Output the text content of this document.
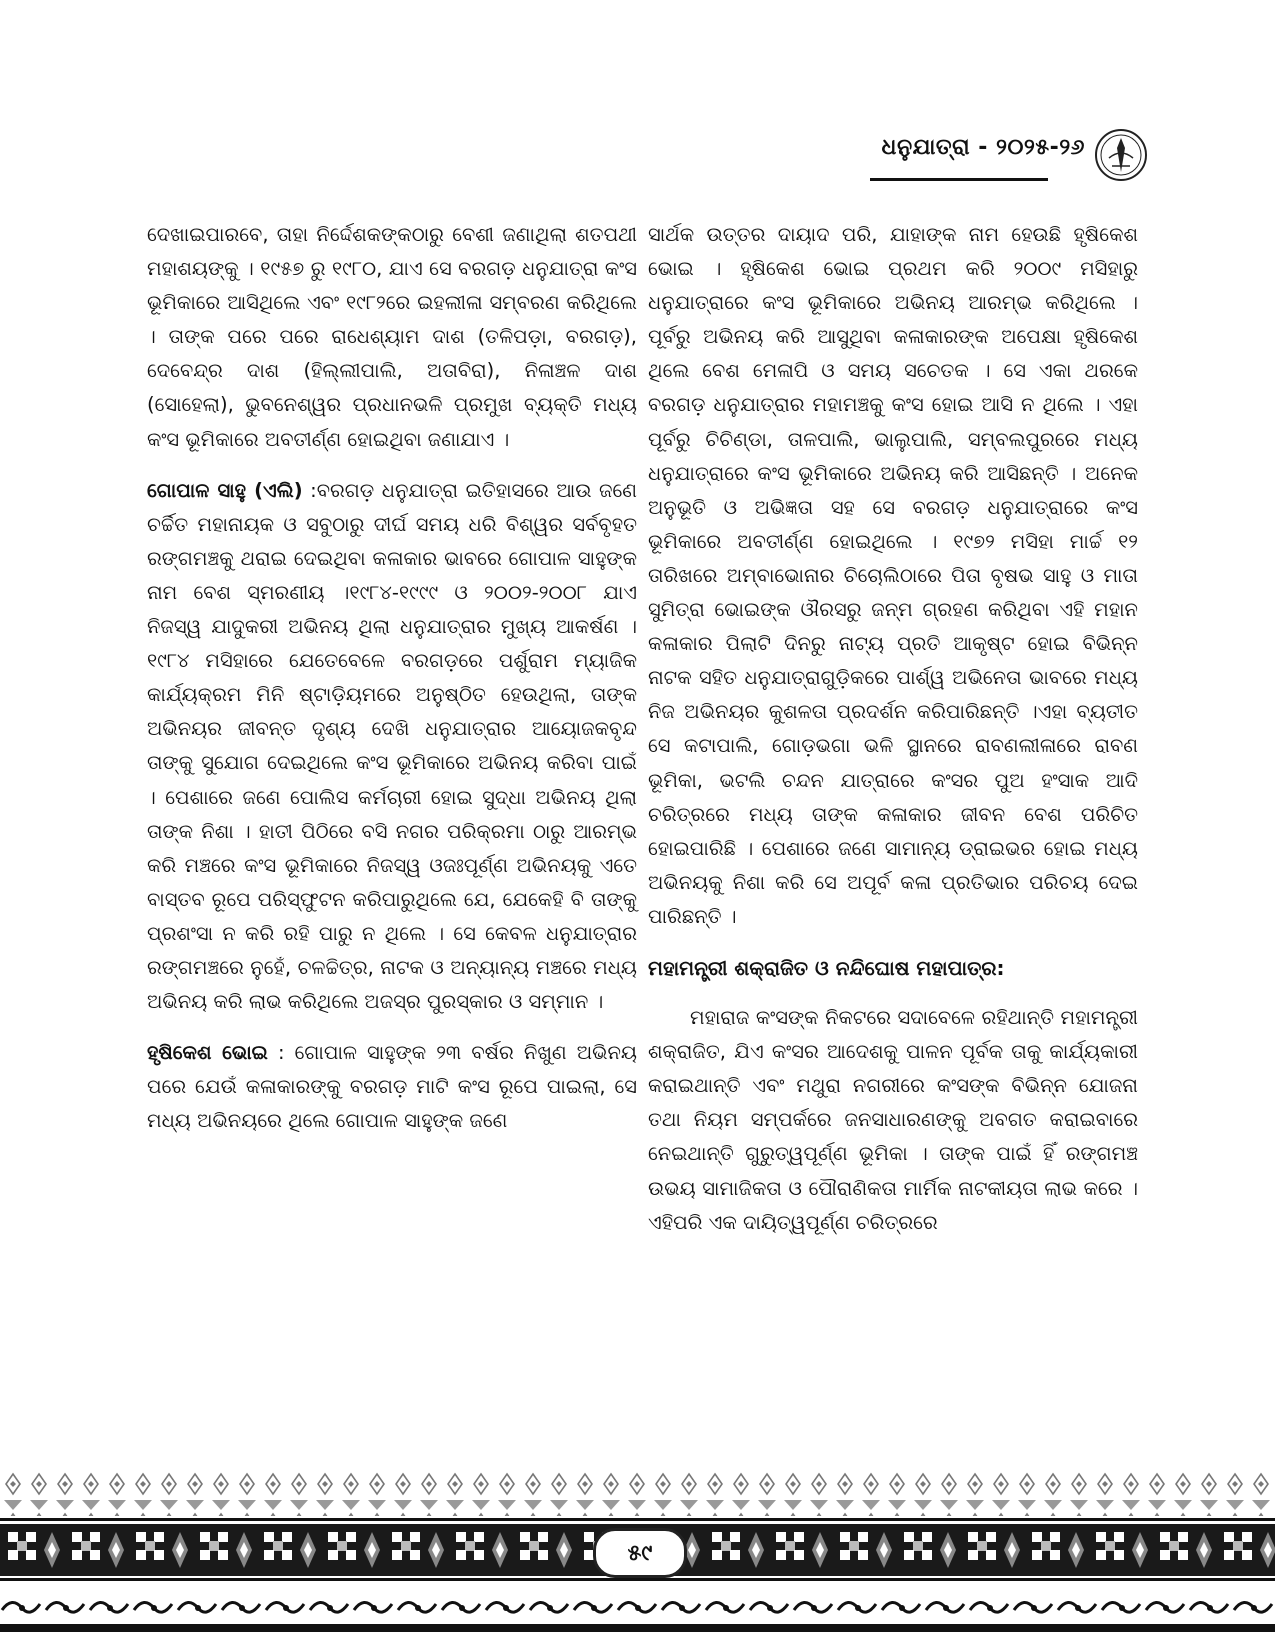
ଧନୁଯାତ୍ରା - ୨୦୨୫-୨୬

ଦେଖାଇପାରବେ, ତାହା ନିର୍ଦ୍ଦେଶକଙ୍କଠାରୁ ବେଶୀ ଜଣାଥିଲା ଶତପଥୀ ମହାଶୟଙ୍କୁ । ୧୯୫୭ ରୁ ୧୯୮୦, ଯାଏ ସେ ବରଗଡ଼ ଧନୁଯାତ୍ରା କଂସ ଭୂମିକାରେ ଆସିଥିଲେ ଏବଂ ୧୯୮୨ରେ ଇହଲୀଳା ସମ୍ବରଣ କରିଥିଲେ । ତାଙ୍କ ପରେ ପରେ ରାଧେଶ୍ୟାମ ଦାଶ (ତଳିପଡ଼ା, ବରଗଡ଼), ଦେବେନ୍ଦ୍ର ଦାଶ (ହିଲ୍ଲୀପାଲି, ଅତାବିରା), ନିଳାଞ୍ଚଳ ଦାଶ (ସୋହେଲା), ଭୁବନେଶ୍ୱର ପ୍ରଧାନଭଳି ପ୍ରମୁଖ ବ୍ୟକ୍ତି ମଧ୍ୟ କଂସ ଭୂମିକାରେ ଅବତୀର୍ଣ୍ଣ ହୋଇଥିବା ଜଣାଯାଏ ।

ଗୋପାଳ ସାହୁ (ଏଲି) :ବରଗଡ଼ ଧନୁଯାତ୍ରା ଇତିହାସରେ ଆଉ ଜଣେ ଚର୍ଚ୍ଚିତ ମହାନାୟକ ଓ ସବୁଠାରୁ ଦୀର୍ଘ ସମୟ ଧରି ବିଶ୍ୱର ସର୍ବବୃହତ ରଙ୍ଗମଞ୍ଚକୁ ଥରାଇ ଦେଇଥିବା କଳାକାର ଭାବରେ ଗୋପାଳ ସାହୁଙ୍କ ନାମ ବେଶ ସ୍ମରଣୀୟ ।୧୯୮୪-୧୯୯୯ ଓ ୨୦୦୨-୨୦୦୮ ଯାଏ ନିଜସ୍ୱ ଯାଦୁକରୀ ଅଭିନୟ ଥିଲା ଧନୁଯାତ୍ରାର ମୁଖ୍ୟ ଆକର୍ଷଣ । ୧୯୮୪ ମସିହାରେ ଯେତେବେଳେ ବରଗଡ଼ରେ ପର୍ଶୁରାମ ମ୍ୟାଜିକ କାର୍ଯ୍ୟକ୍ରମ ମିନି ଷ୍ଟାଡ଼ିୟମରେ ଅନୁଷ୍ଠିତ ହେଉଥିଲା, ତାଙ୍କ ଅଭିନୟର ଜୀବନ୍ତ ଦୃଶ୍ୟ ଦେଖି ଧନୁଯାତ୍ରାର ଆୟୋଜକବୃନ୍ଦ ତାଙ୍କୁ ସୁଯୋଗ ଦେଇଥିଲେ କଂସ ଭୂମିକାରେ ଅଭିନୟ କରିବା ପାଇଁ । ପେଶାରେ ଜଣେ ପୋଲିସ କର୍ମଚାରୀ ହୋଇ ସୁଦ୍ଧା ଅଭିନୟ ଥିଲା ତାଙ୍କ ନିଶା । ହାତୀ ପିଠିରେ ବସି ନଗର ପରିକ୍ରମା ଠାରୁ ଆରମ୍ଭ କରି ମଞ୍ଚରେ କଂସ ଭୂମିକାରେ ନିଜସ୍ୱ ଓଜଃପୂର୍ଣ୍ଣ ଅଭିନୟକୁ ଏତେ ବାସ୍ତବ ରୂପେ ପରିସ୍ଫୁଟନ କରିପାରୁଥିଲେ ଯେ, ଯେକେହି ବି ତାଙ୍କୁ ପ୍ରଶଂସା ନ କରି ରହି ପାରୁ ନ ଥିଲେ । ସେ କେବଳ ଧନୁଯାତ୍ରାର ରଙ୍ଗମଞ୍ଚରେ ନୁହେଁ, ଚଳଚ୍ଚିତ୍ର, ନାଟକ ଓ ଅନ୍ୟାନ୍ୟ ମଞ୍ଚରେ ମଧ୍ୟ ଅଭିନୟ କରି ଲାଭ କରିଥିଲେ ଅଜସ୍ର ପୁରସ୍କାର ଓ ସମ୍ମାନ ।

ହୃଷିକେଶ ଭୋଇ : ଗୋପାଳ ସାହୁଙ୍କ ୨୩ ବର୍ଷର ନିଖୁଣ ଅଭିନୟ ପରେ ଯେଉଁ କଳାକାରଙ୍କୁ ବରଗଡ଼ ମାଟି କଂସ ରୂପେ ପାଇଲା, ସେ ମଧ୍ୟ ଅଭିନୟରେ ଥିଲେ ଗୋପାଳ ସାହୁଙ୍କ ଜଣେ

ସାର୍ଥକ ଉତ୍ତର ଦାୟାଦ ପରି, ଯାହାଙ୍କ ନାମ ହେଉଛି ହୃଷିକେଶ ଭୋଇ । ହୃଷିକେଶ ଭୋଇ ପ୍ରଥମ କରି ୨୦୦୯ ମସିହାରୁ ଧନୁଯାତ୍ରାରେ କଂସ ଭୂମିକାରେ ଅଭିନୟ ଆରମ୍ଭ କରିଥିଲେ । ପୂର୍ବରୁ ଅଭିନୟ କରି ଆସୁଥିବା କଳାକାରଙ୍କ ଅପେକ୍ଷା ହୃଷିକେଶ ଥିଲେ ବେଶ ମେଳାପି ଓ ସମୟ ସଚେତକ । ସେ ଏକା ଥରକେ ବରଗଡ଼ ଧନୁଯାତ୍ରାର ମହାମଞ୍ଚକୁ କଂସ ହୋଇ ଆସି ନ ଥିଲେ । ଏହା ପୂର୍ବରୁ ଚିଚିଣ୍ଡା, ତାଳପାଲି, ଭାଲୁପାଲି, ସମ୍ବଲପୁରରେ ମଧ୍ୟ ଧନୁଯାତ୍ରାରେ କଂସ ଭୂମିକାରେ ଅଭିନୟ କରି ଆସିଛନ୍ତି । ଅନେକ ଅନୁଭୂତି ଓ ଅଭିଜ୍ଞତା ସହ ସେ ବରଗଡ଼ ଧନୁଯାତ୍ରାରେ କଂସ ଭୂମିକାରେ ଅବତୀର୍ଣ୍ଣ ହୋଇଥିଲେ । ୧୯୭୨ ମସିହା ମାର୍ଚ୍ଚ ୧୨ ତାରିଖରେ ଅମ୍ବାଭୋନାର ଚିଚୋଲିଠାରେ ପିତା ବୃଷଭ ସାହୁ ଓ ମାତା ସୁମିତ୍ରା ଭୋଇଙ୍କ ଔରସରୁ ଜନ୍ମ ଗ୍ରହଣ କରିଥିବା ଏହି ମହାନ କଳାକାର ପିଲାଟି ଦିନରୁ ନାଟ୍ୟ ପ୍ରତି ଆକୃଷ୍ଟ ହୋଇ ବିଭିନ୍ନ ନାଟକ ସହିତ ଧନୁଯାତ୍ରାଗୁଡ଼ିକରେ ପାର୍ଶ୍ୱ ଅଭିନେତା ଭାବରେ ମଧ୍ୟ ନିଜ ଅଭିନୟର କୁଶଳତା ପ୍ରଦର୍ଶନ କରିପାରିଛନ୍ତି ।ଏହା ବ୍ୟତୀତ ସେ କଟାପାଲି, ଗୋଡ଼ଭଗା ଭଳି ସ୍ଥାନରେ ରାବଣଲୀଳାରେ ରାବଣ ଭୂମିକା, ଭଟଲି ଚନ୍ଦନ ଯାତ୍ରାରେ କଂସର ପୁଅ ହଂସାକ ଆଦି ଚରିତ୍ରରେ ମଧ୍ୟ ତାଙ୍କ କଳାକାର ଜୀବନ ବେଶ ପରିଚିତ ହୋଇପାରିଛି । ପେଶାରେ ଜଣେ ସାମାନ୍ୟ ଡ୍ରାଇଭର ହୋଇ ମଧ୍ୟ ଅଭିନୟକୁ ନିଶା କରି ସେ ଅପୂର୍ବ କଳା ପ୍ରତିଭାର ପରିଚୟ ଦେଇ ପାରିଛନ୍ତି ।

ମହାମନ୍ତ୍ରୀ ଶକ୍ରାଜିତ ଓ ନନ୍ଦିଘୋଷ ମହାପାତ୍ର:

ମହାରାଜ କଂସଙ୍କ ନିକଟରେ ସଦାବେଳେ ରହିଥାନ୍ତି ମହାମନ୍ତ୍ରୀ ଶକ୍ରାଜିତ, ଯିଏ କଂସର ଆଦେଶକୁ ପାଳନ ପୂର୍ବକ ତାକୁ କାର୍ଯ୍ୟକାରୀ କରାଇଥାନ୍ତି ଏବଂ ମଥୁରା ନଗରୀରେ କଂସଙ୍କ ବିଭିନ୍ନ ଯୋଜନା ତଥା ନିୟମ ସମ୍ପର୍କରେ ଜନସାଧାରଣଙ୍କୁ ଅବଗତ କରାଇବାରେ ନେଇଥାନ୍ତି ଗୁରୁତ୍ୱପୂର୍ଣ୍ଣ ଭୂମିକା । ତାଙ୍କ ପାଇଁ ହିଁ ରଙ୍ଗମଞ୍ଚ ଉଭୟ ସାମାଜିକତା ଓ ପୌରାଣିକତା ମାର୍ମିକ ନାଟକୀୟତା ଲାଭ କରେ । ଏହିପରି ଏକ ଦାୟିତ୍ୱପୂର୍ଣ୍ଣ ଚରିତ୍ରରେ

୫୯
